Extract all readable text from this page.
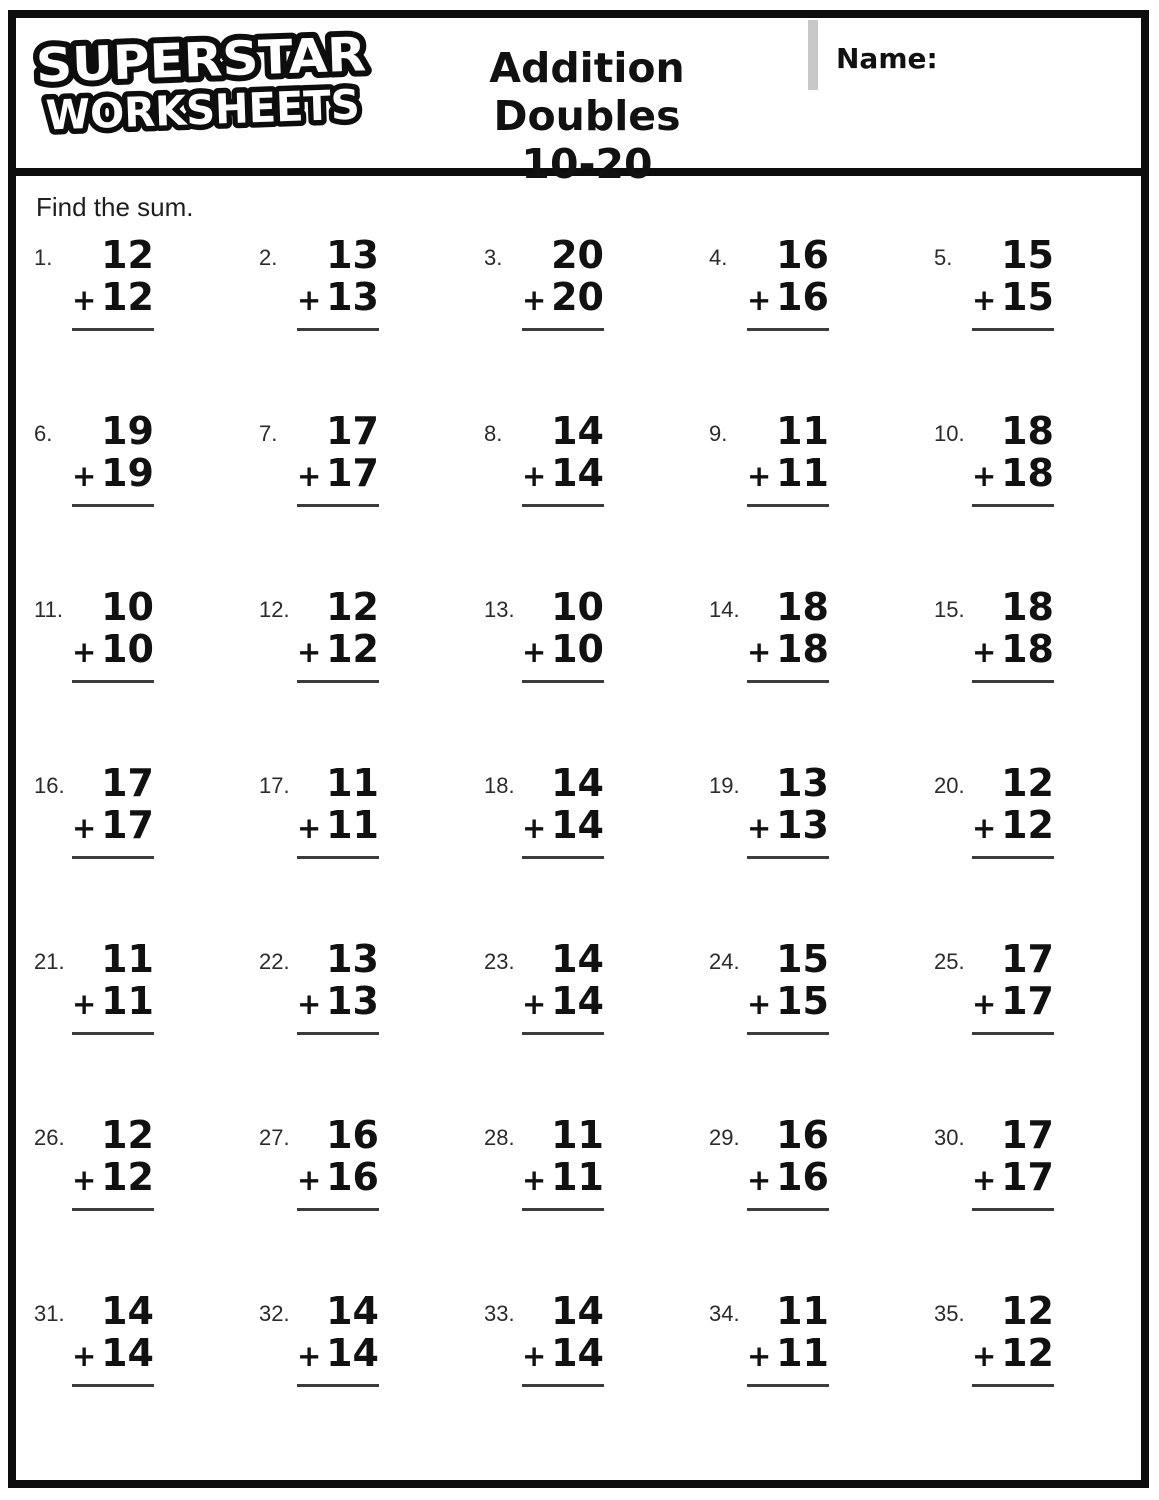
SUPERSTAR
WORKSHEETS
Addition Doubles
10-20
Name:
Find the sum.
1.	12
+ 12
2.	13
+ 13
3.	20
+ 20
4.	16
+ 16
5.	15
+ 15
6.	19
+ 19
7.	17
+ 17
8.	14
+ 14
9.	11
+ 11
10. 18
+ 18
11.	10
+ 10
12. 12
+ 12
13. 10
+ 10
14. 18
+ 18
15. 18
+ 18
16. 17
+ 17
17. 11
+ 11
18. 14
+ 14
19. 13
+ 13
20. 12
+ 12
21. 11
+ 11
22. 13
+ 13
23. 14
+ 14
24. 15
+ 15
25. 17
+ 17
26. 12
+ 12
27. 16
+ 16
28. 11
+ 11
29. 16
+ 16
30. 17
+ 17
31. 14
+ 14
32. 14
+ 14
33. 14
+ 14
34. 11
+ 11
35. 12
+ 12
